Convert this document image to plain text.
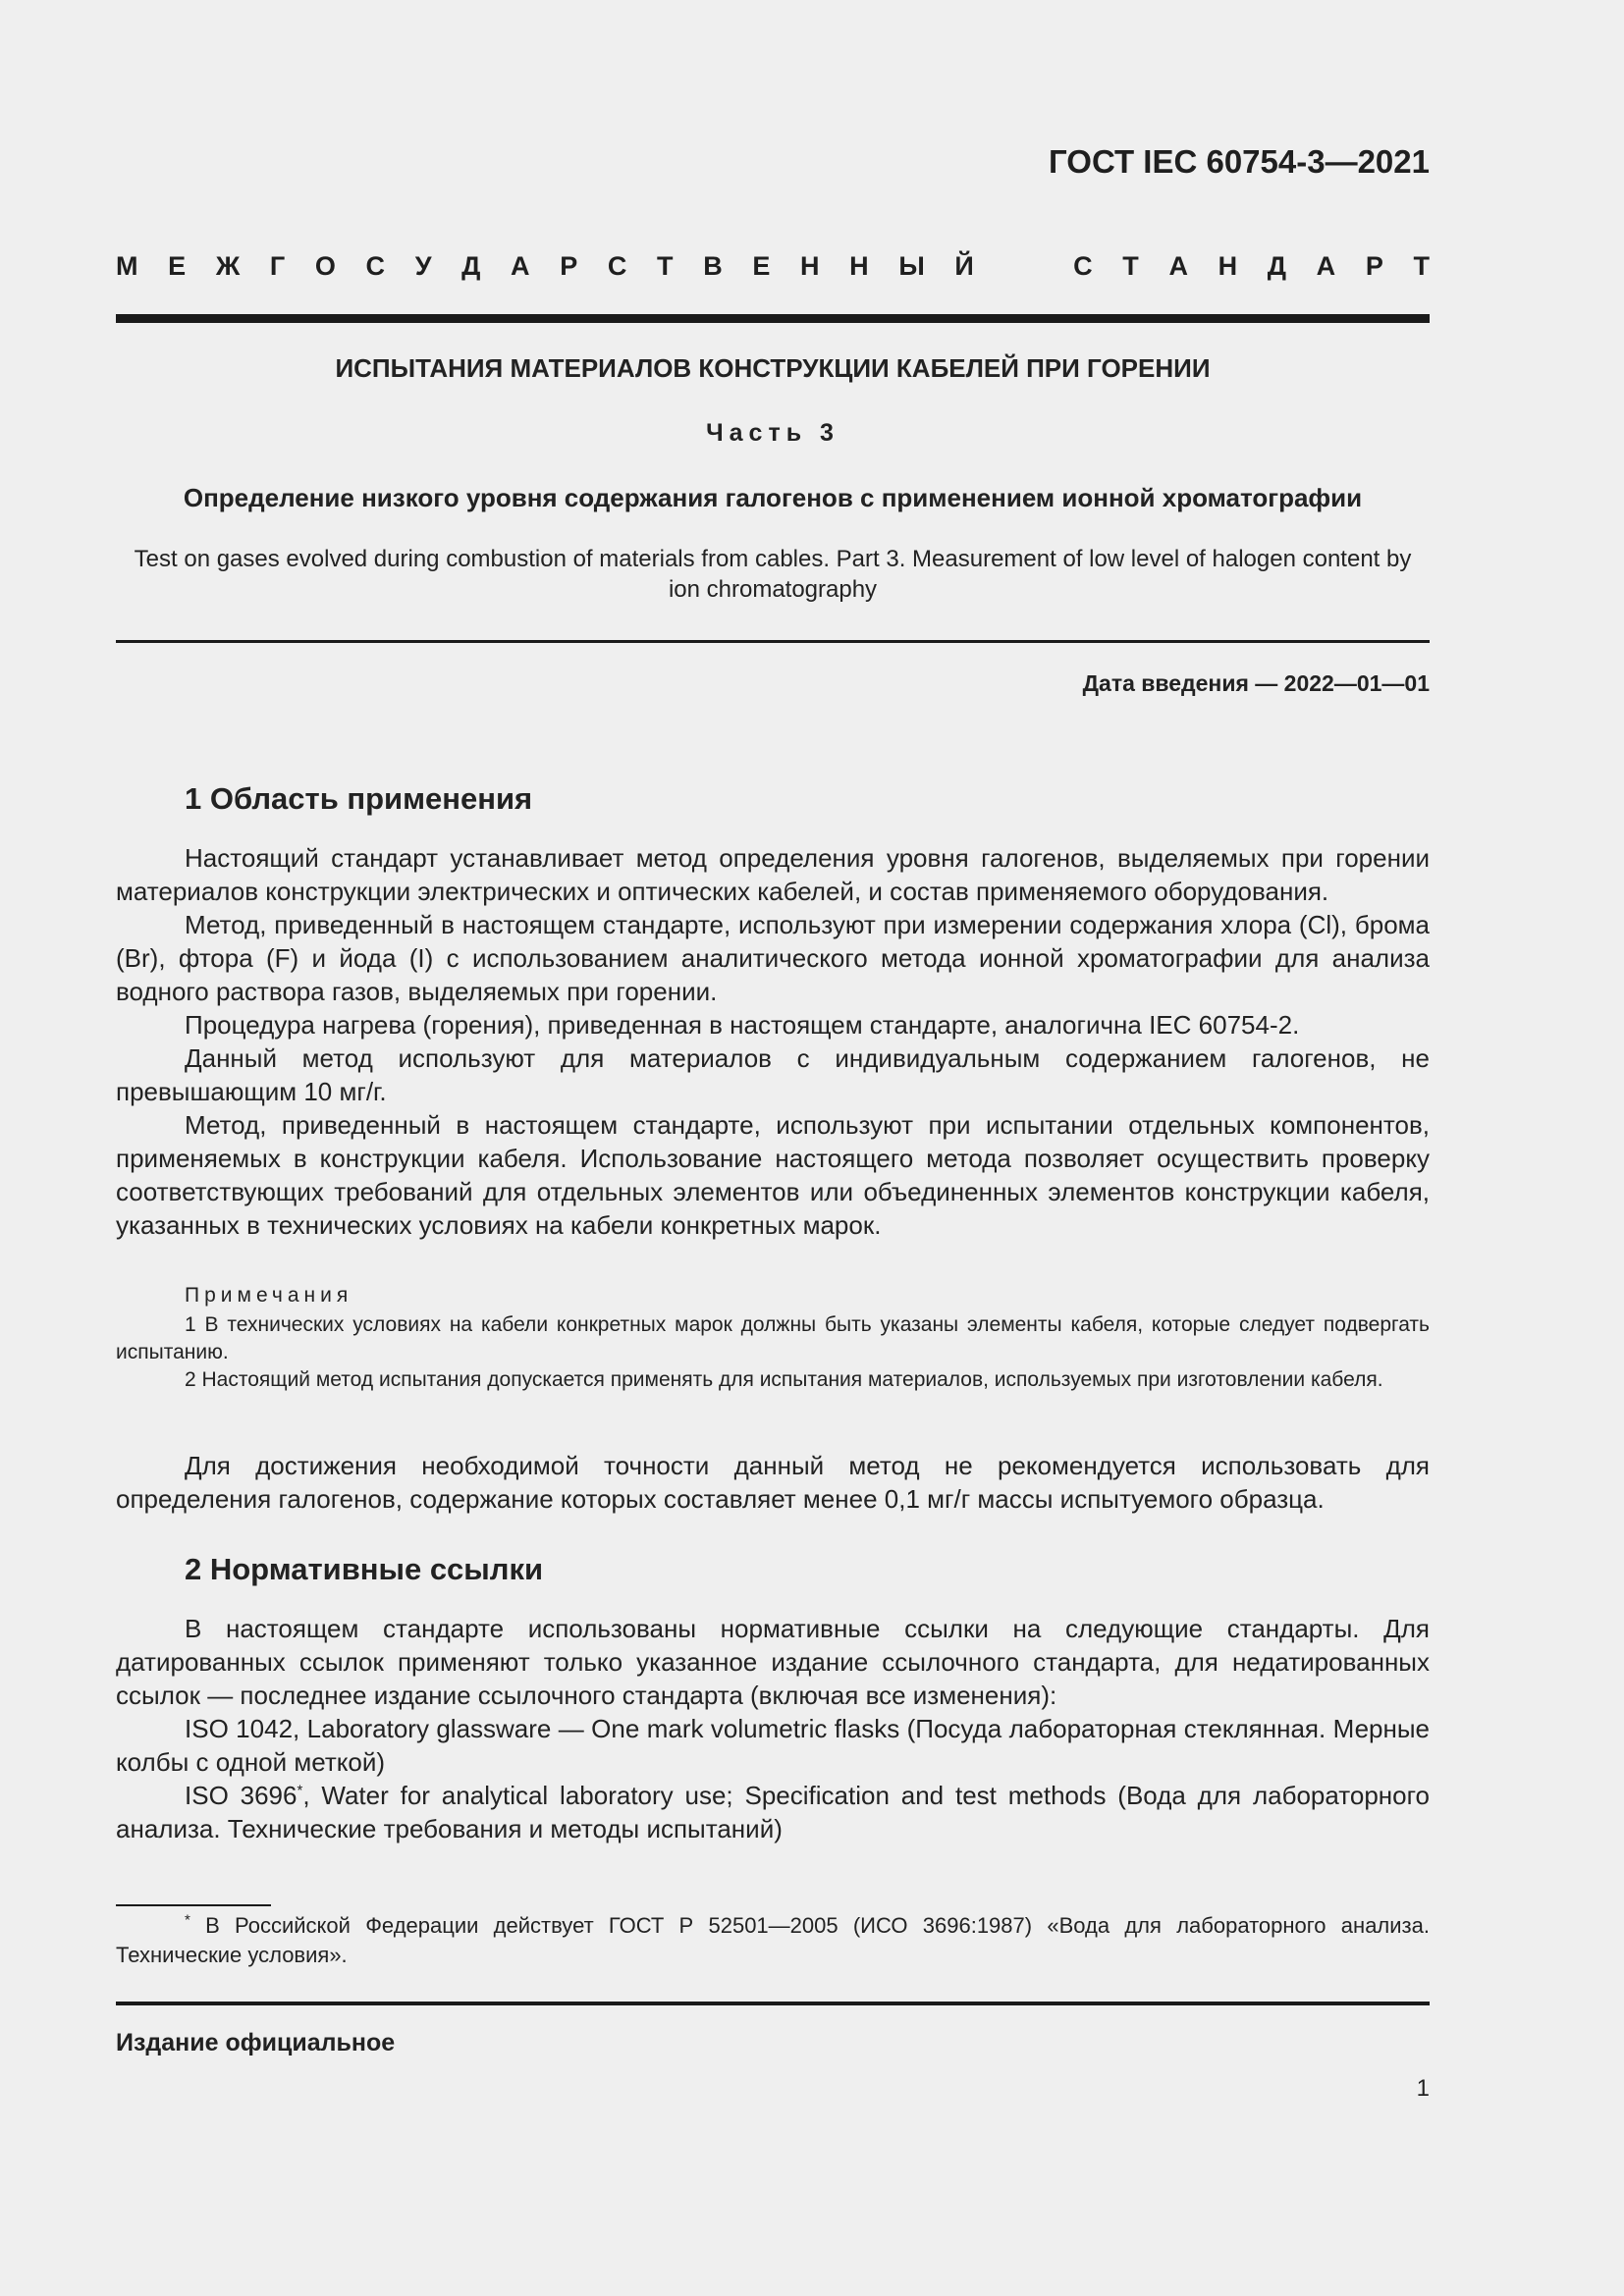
ГОСТ IEC 60754-3—2021
М Е Ж Г О С У Д А Р С Т В Е Н Н Ы Й	С Т А Н Д А Р Т
ИСПЫТАНИЯ МАТЕРИАЛОВ КОНСТРУКЦИИ КАБЕЛЕЙ ПРИ ГОРЕНИИ
Часть 3
Определение низкого уровня содержания галогенов с применением ионной хроматографии
Test on gases evolved during combustion of materials from cables. Part 3. Measurement of low level of halogen content by ion chromatography
Дата введения — 2022—01—01
1 Область применения

Настоящий стандарт устанавливает метод определения уровня галогенов, выделяемых при горении материалов конструкции электрических и оптических кабелей, и состав применяемого оборудования.

Метод, приведенный в настоящем стандарте, используют при измерении содержания хлора (Cl), брома (Br), фтора (F) и йода (I) с использованием аналитического метода ионной хроматографии для анализа водного раствора газов, выделяемых при горении.

Процедура нагрева (горения), приведенная в настоящем стандарте, аналогична IEC 60754-2.

Данный метод используют для материалов с индивидуальным содержанием галогенов, не превышающим 10 мг/г.

Метод, приведенный в настоящем стандарте, используют при испытании отдельных компонентов, применяемых в конструкции кабеля. Использование настоящего метода позволяет осуществить проверку соответствующих требований для отдельных элементов или объединенных элементов конструкции кабеля, указанных в технических условиях на кабели конкретных марок.

Примечания

1 В технических условиях на кабели конкретных марок должны быть указаны элементы кабеля, которые следует подвергать испытанию.

2 Настоящий метод испытания допускается применять для испытания материалов, используемых при изготовлении кабеля.

Для достижения необходимой точности данный метод не рекомендуется использовать для определения галогенов, содержание которых составляет менее 0,1 мг/г массы испытуемого образца.

2 Нормативные ссылки

В настоящем стандарте использованы нормативные ссылки на следующие стандарты. Для датированных ссылок применяют только указанное издание ссылочного стандарта, для недатированных ссылок — последнее издание ссылочного стандарта (включая все изменения):

ISO 1042, Laboratory glassware — One mark volumetric flasks (Посуда лабораторная стеклянная. Мерные колбы с одной меткой)

ISO 3696*, Water for analytical laboratory use; Specification and test methods (Вода для лабораторного анализа. Технические требования и методы испытаний)

* В Российской Федерации действует ГОСТ Р 52501—2005 (ИСО 3696:1987) «Вода для лабораторного анализа. Технические условия».

Издание официальное
1
